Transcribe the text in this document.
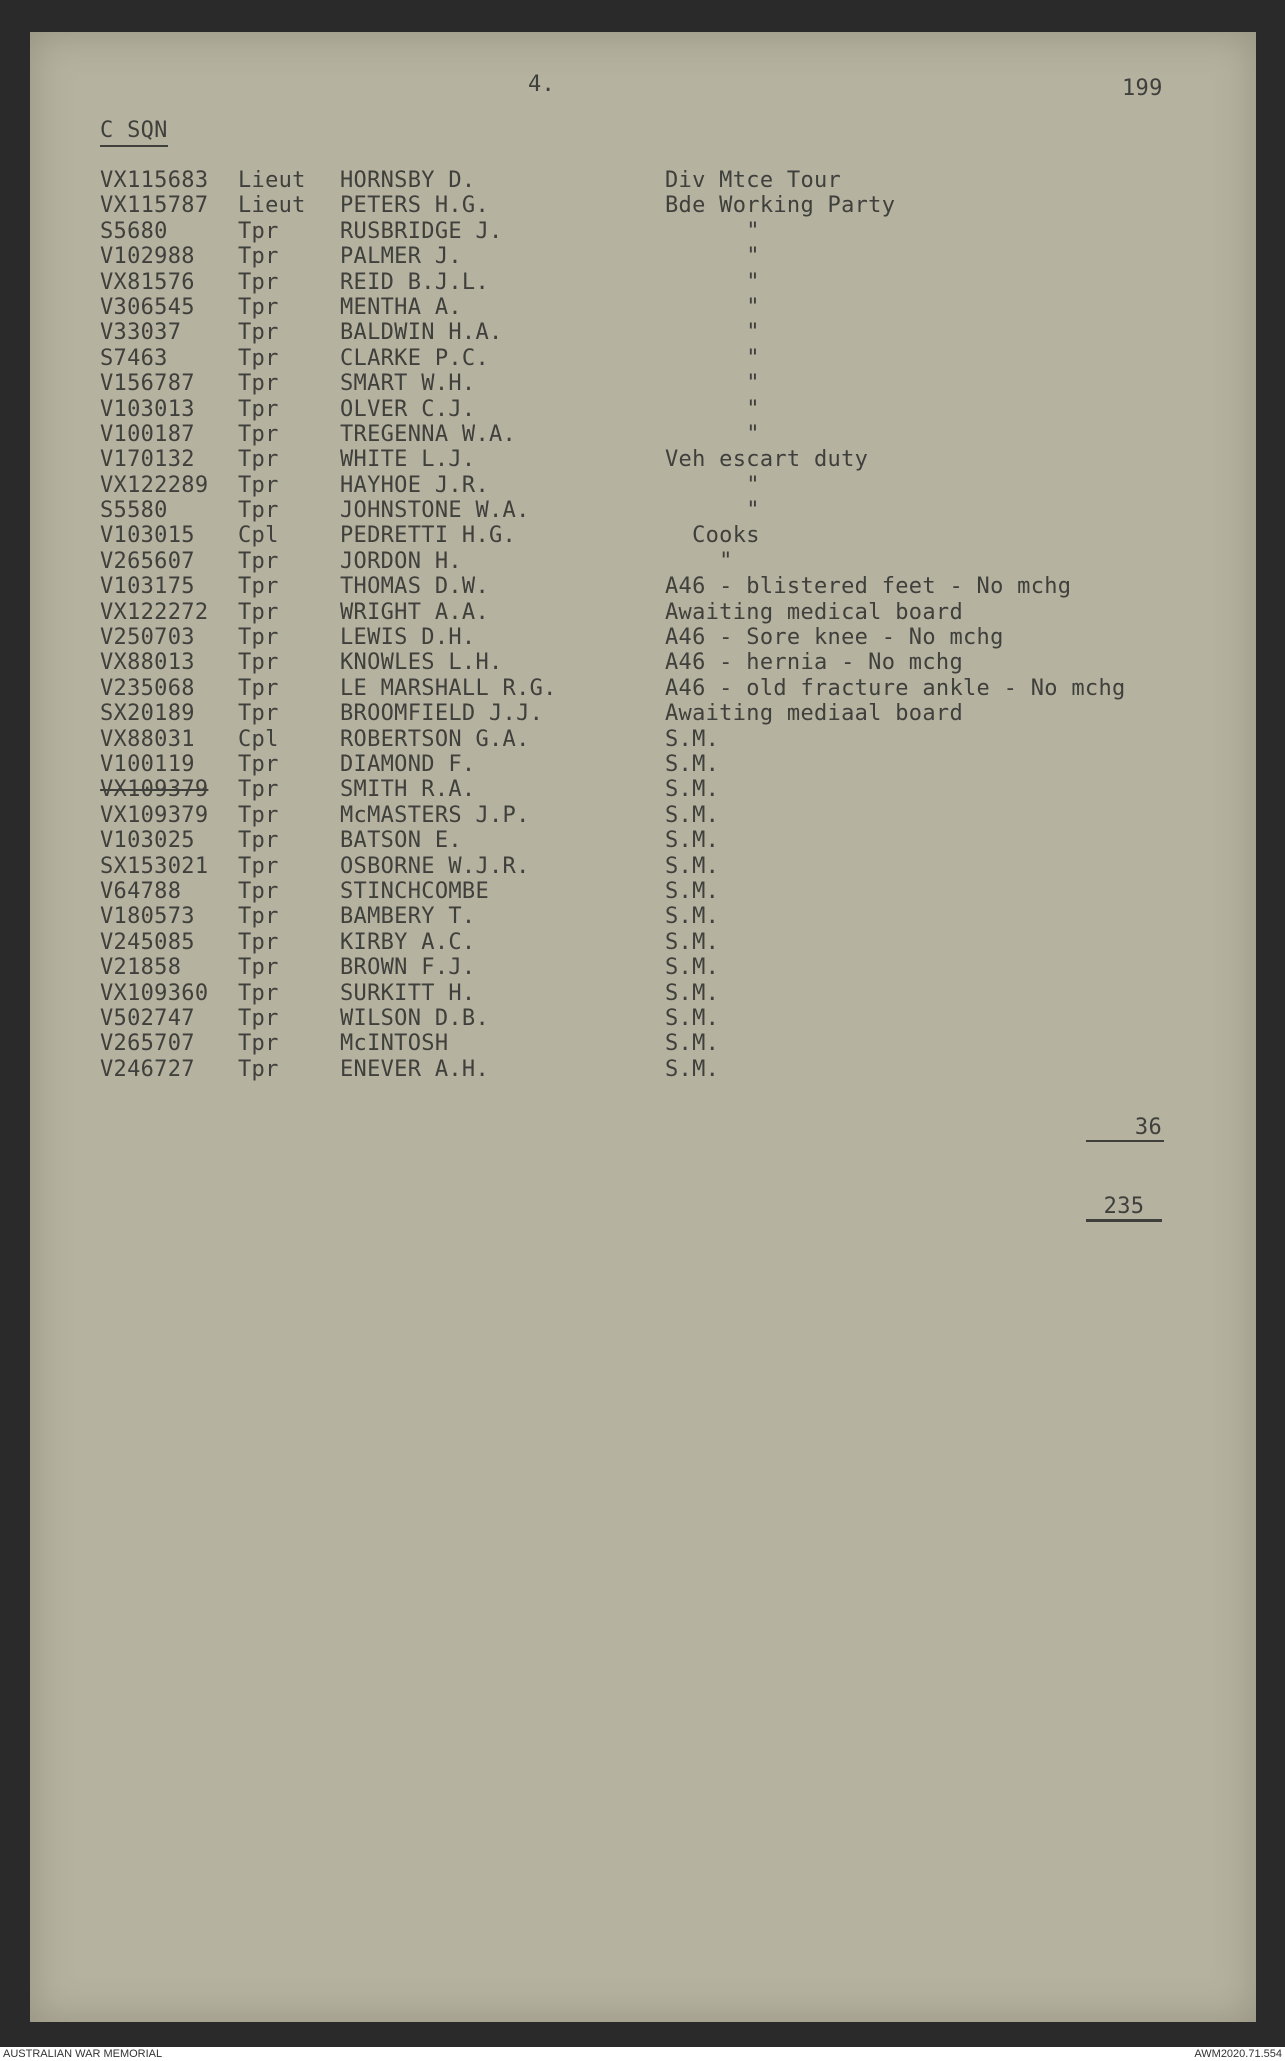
4.	199
C SQN
VX115683 Lieut HORNSBY D.	Div Mtce Tour
VX115787 Lieut PETERS H.G.	Bde Working Party
S5680	Tpr	RUSBRIDGE J.	"
V102988 Tpr	PALMER J.	"
VX81576 Tpr	REID B.J.L.	"
V306545 Tpr	MENTHA A.	"
V33037	Tpr	BALDWIN H.A.	"
S7463	Tpr	CLARKE P.C.	"
V156787 Tpr	SMART W.H.	"
V103013 Tpr	OLVER C.J.	"
V100187 Tpr	TREGENNA W.A.	"
V170132 Tpr	WHITE L.J.	Veh escart duty
VX122289 Tpr	HAYHOE J.R.	"
S5580	Tpr	JOHNSTONE W.A.	"
V103015 Cpl	PEDRETTI H.G.	Cooks
V265607 Tpr	JORDON H.	"
V103175 Tpr	THOMAS D.W.	A46 - blistered feet - No mchg
VX122272 Tpr	WRIGHT A.A.	Awaiting medical board
V250703 Tpr	LEWIS D.H.	A46 - Sore knee - No mchg
VX88013 Tpr	KNOWLES L.H.	A46 - hernia - No mchg
V235068 Tpr	LE MARSHALL R.G.	A46 - old fracture ankle - No mchg
SX20189 Tpr	BROOMFIELD J.J.	Awaiting mediaal board
VX88031 Cpl	ROBERTSON G.A.	S.M.
V100119 Tpr	DIAMOND F.	S.M.
VX109379 Tpr	SMITH R.A.	S.M.
VX109379 Tpr	McMASTERS J.P.	S.M.
V103025 Tpr	BATSON E.	S.M.
SX153021 Tpr	OSBORNE W.J.R.	S.M.
V64788	Tpr	STINCHCOMBE	S.M.
V180573 Tpr	BAMBERY T.	S.M.
V245085 Tpr	KIRBY A.C.	S.M.
V21858	Tpr	BROWN F.J.	S.M.
VX109360 Tpr	SURKITT H.	S.M.
V502747 Tpr	WILSON D.B.	S.M.
V265707 Tpr	McINTOSH	S.M.
V246727 Tpr	ENEVER A.H.	S.M.

36

235

AUSTRALIAN WAR MEMORIAL	AWM2020.71.554
